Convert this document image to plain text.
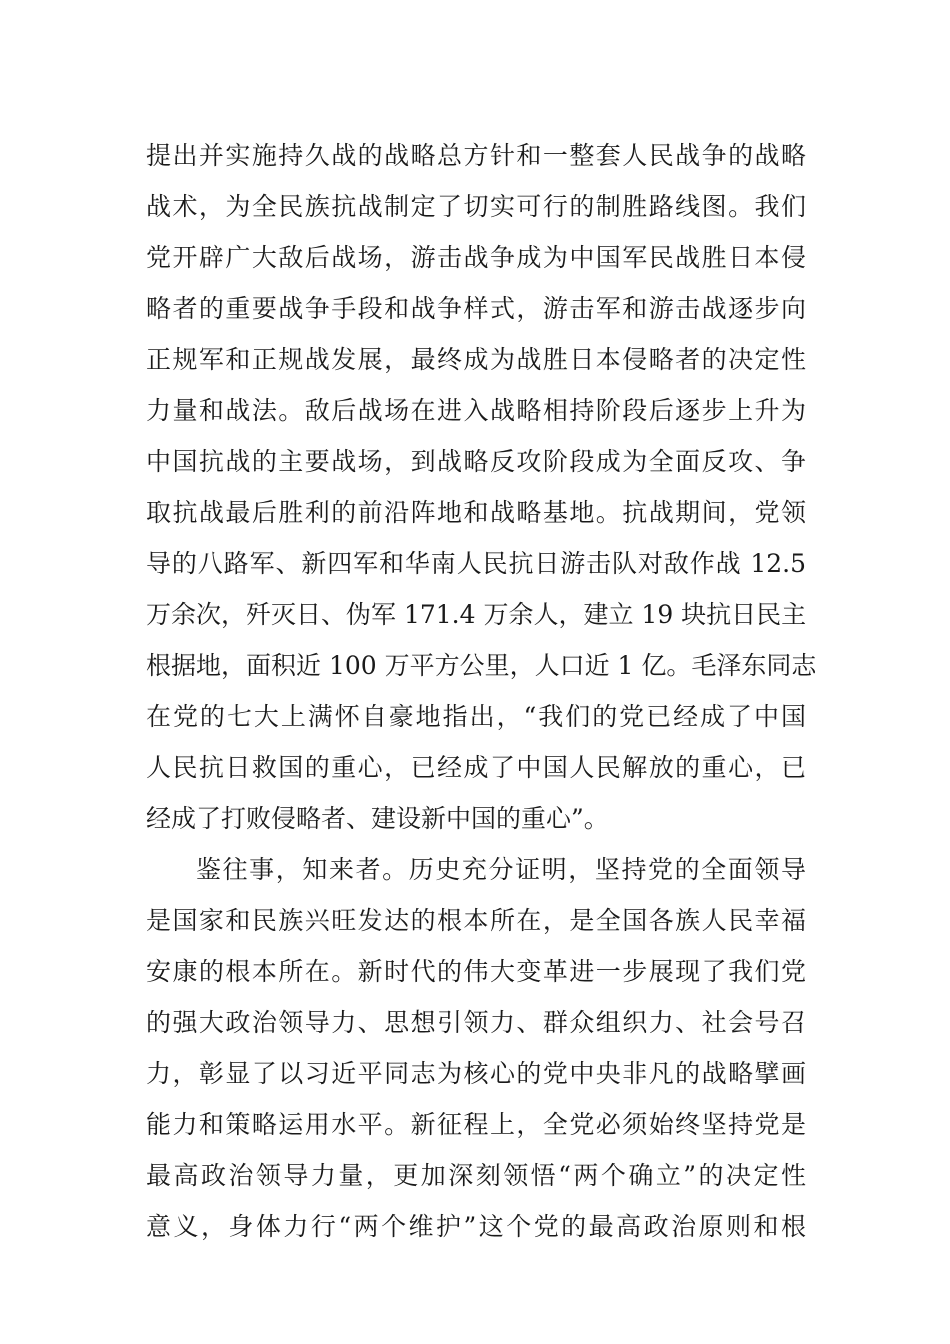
提出并实施持久战的战略总方针和一整套人民战争的战略
战术，为全民族抗战制定了切实可行的制胜路线图。我们
党开辟广大敌后战场，游击战争成为中国军民战胜日本侵
略者的重要战争手段和战争样式，游击军和游击战逐步向
正规军和正规战发展，最终成为战胜日本侵略者的决定性
力量和战法。敌后战场在进入战略相持阶段后逐步上升为
中国抗战的主要战场，到战略反攻阶段成为全面反攻、争
取抗战最后胜利的前沿阵地和战略基地。抗战期间，党领
导的八路军、新四军和华南人民抗日游击队对敌作战 12.5
万余次，歼灭日、伪军 171.4 万余人，建立 19 块抗日民主
根据地，面积近 100 万平方公里，人口近 1 亿。毛泽东同志
在党的七大上满怀自豪地指出，“我们的党已经成了中国
人民抗日救国的重心，已经成了中国人民解放的重心，已
经成了打败侵略者、建设新中国的重心”。
鉴往事，知来者。历史充分证明，坚持党的全面领导
是国家和民族兴旺发达的根本所在，是全国各族人民幸福
安康的根本所在。新时代的伟大变革进一步展现了我们党
的强大政治领导力、思想引领力、群众组织力、社会号召
力，彰显了以习近平同志为核心的党中央非凡的战略擘画
能力和策略运用水平。新征程上，全党必须始终坚持党是
最高政治领导力量，更加深刻领悟“两个确立”的决定性
意义，身体力行“两个维护”这个党的最高政治原则和根
